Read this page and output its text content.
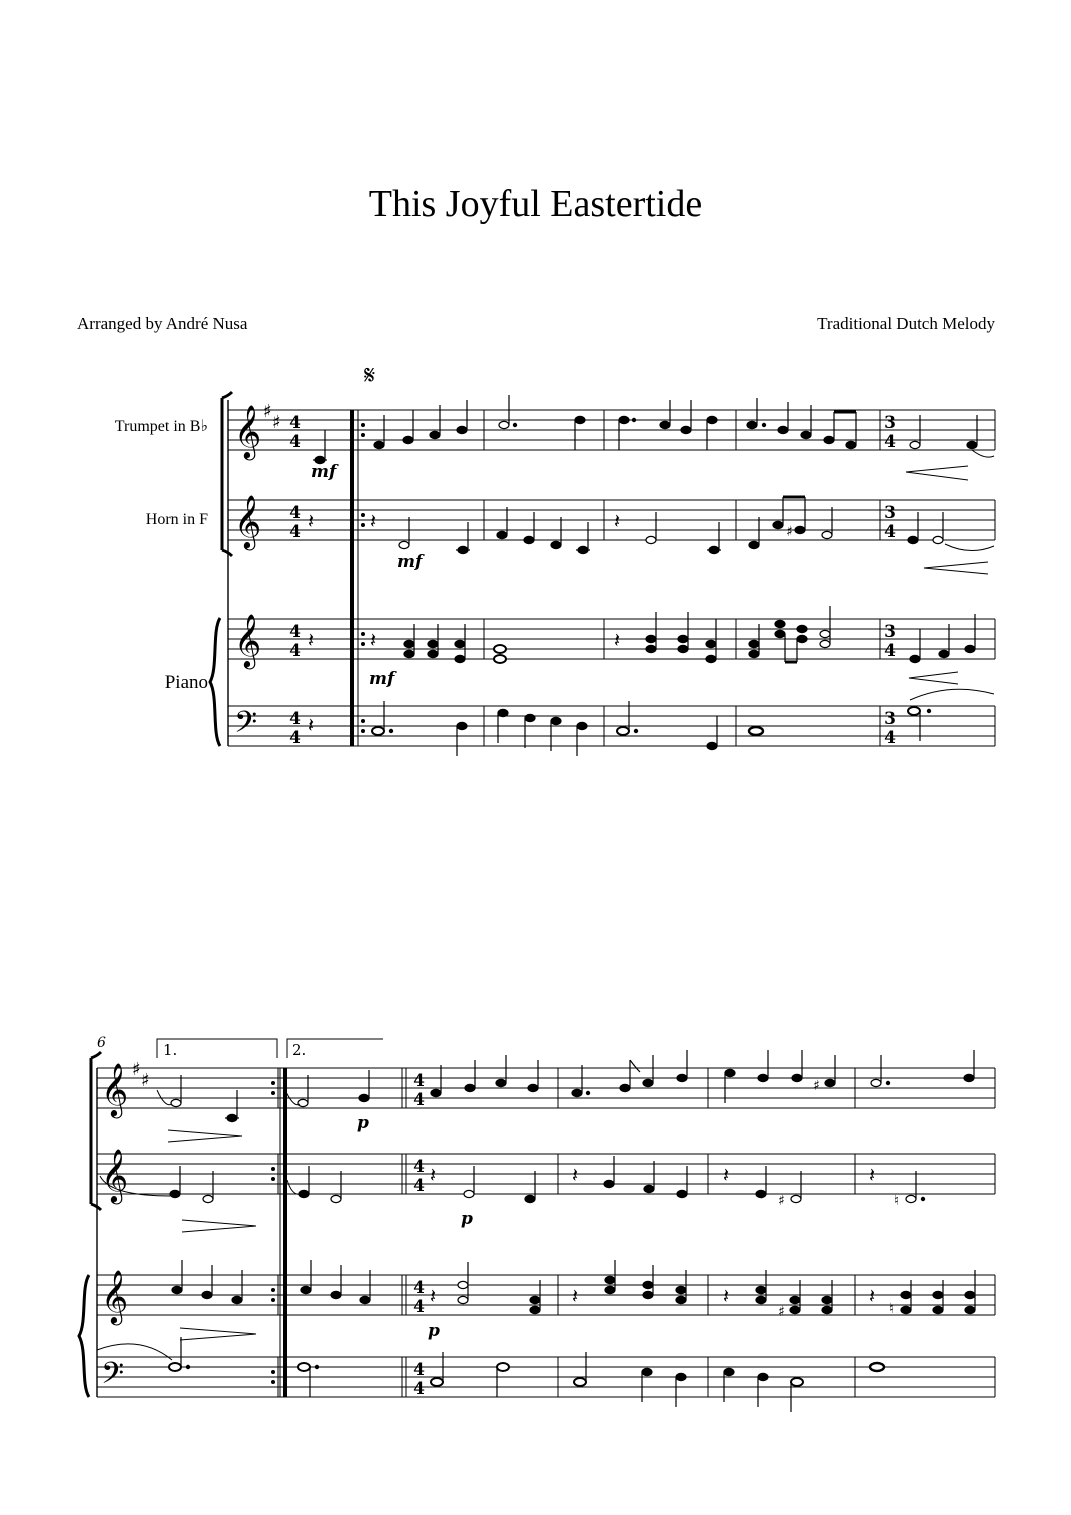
This Joyful Eastertide
Arranged by André Nusa	Traditional Dutch Melody
Trumpet in B♭
Horn in F
Piano
𝄞
𝄞
𝄞
𝄢
♯
♯ 4
4
4
4
4
4
4
4
3
4
3
4
3
4
3
4
𝄋
mf
𝄽	𝄽	𝄽	♯
mf
𝄽	𝄽	𝄽
mf
𝄽
6	1.	2.
𝄞
𝄞
𝄞
𝄢
♯
♯	4
4
4
4
4
4
4
4
♯
p
𝄽	𝄽	𝄽
♯
𝄽
♮
p
𝄽	𝄽	𝄽
♯
𝄽
♮
p
